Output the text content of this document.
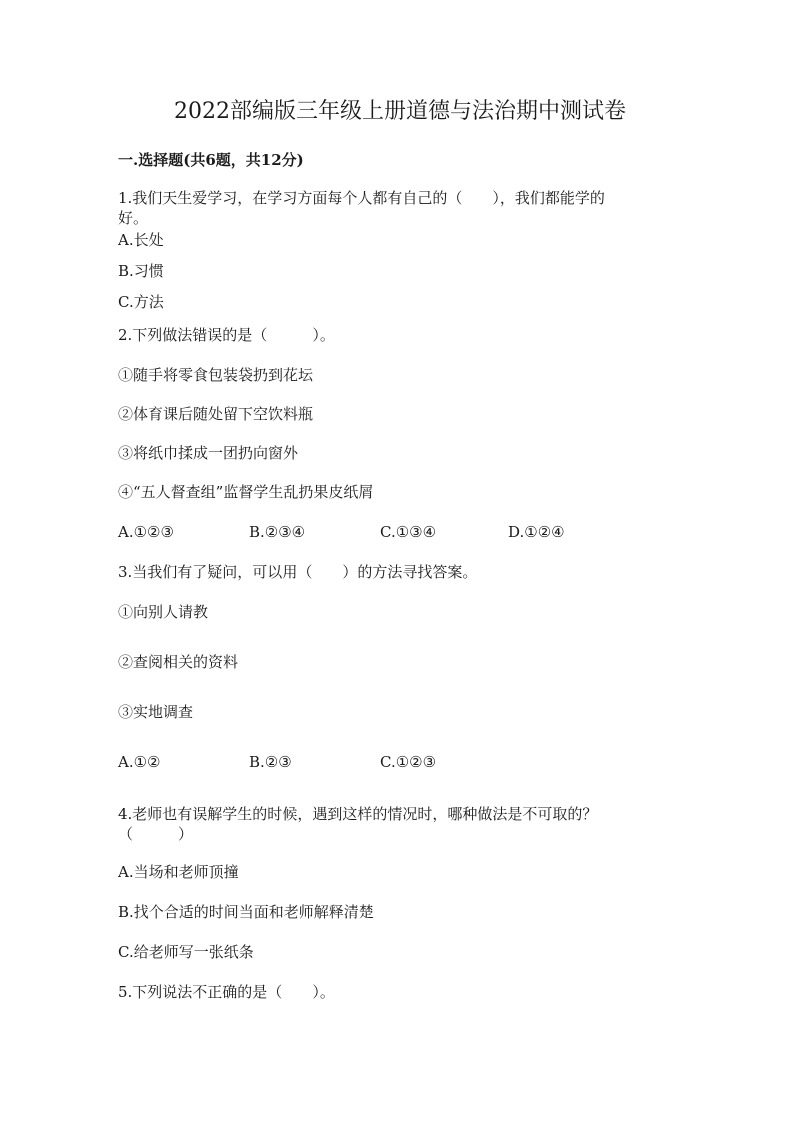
2022部编版三年级上册道德与法治期中测试卷
一.选择题(共6题，共12分)
1.我们天生爱学习，在学习方面每个人都有自己的（　　），我们都能学的
好。
A.长处
B.习惯
C.方法
2.下列做法错误的是（　　　）。
①随手将零食包装袋扔到花坛
②体育课后随处留下空饮料瓶
③将纸巾揉成一团扔向窗外
④“五人督查组”监督学生乱扔果皮纸屑
A.①②③	B.②③④	C.①③④	D.①②④
3.当我们有了疑问，可以用（　　）的方法寻找答案。
①向别人请教
②查阅相关的资料
③实地调查
A.①②	B.②③	C.①②③
4.老师也有误解学生的时候，遇到这样的情况时，哪种做法是不可取的？
（　　　）
A.当场和老师顶撞
B.找个合适的时间当面和老师解释清楚
C.给老师写一张纸条
5.下列说法不正确的是（　　）。
